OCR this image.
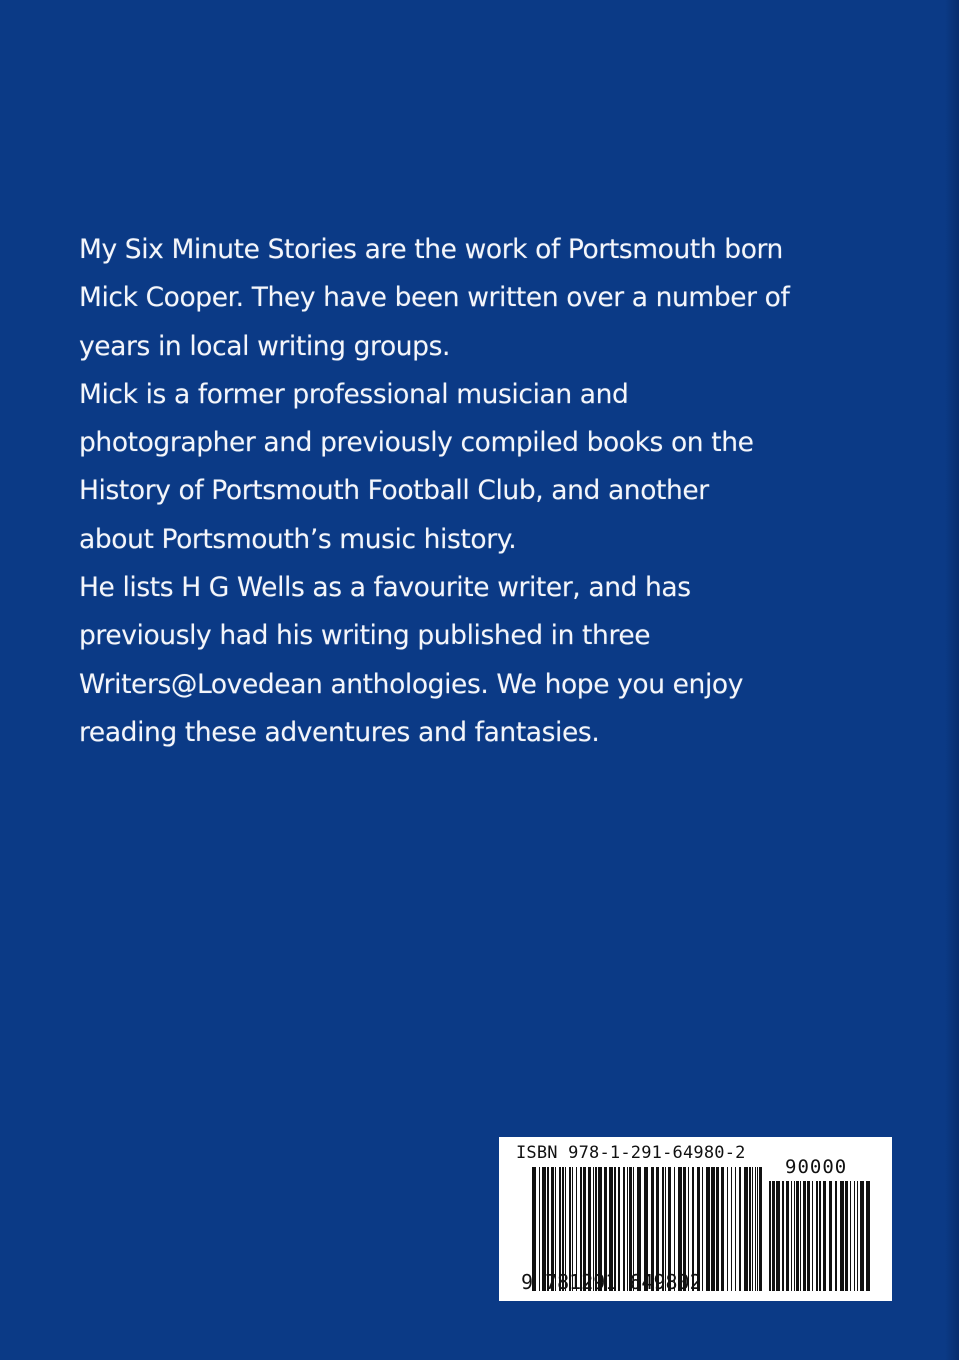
My Six Minute Stories are the work of Portsmouth born
Mick Cooper. They have been written over a number of
years in local writing groups.
Mick is a former professional musician and
photographer and previously compiled books on the
History of Portsmouth Football Club, and another
about Portsmouth’s music history.
He lists H G Wells as a favourite writer, and has
previously had his writing published in three
Writers@Lovedean anthologies. We hope you enjoy
reading these adventures and fantasies.
ISBN 978-1-291-64980-2
90000
9 781291 649802
